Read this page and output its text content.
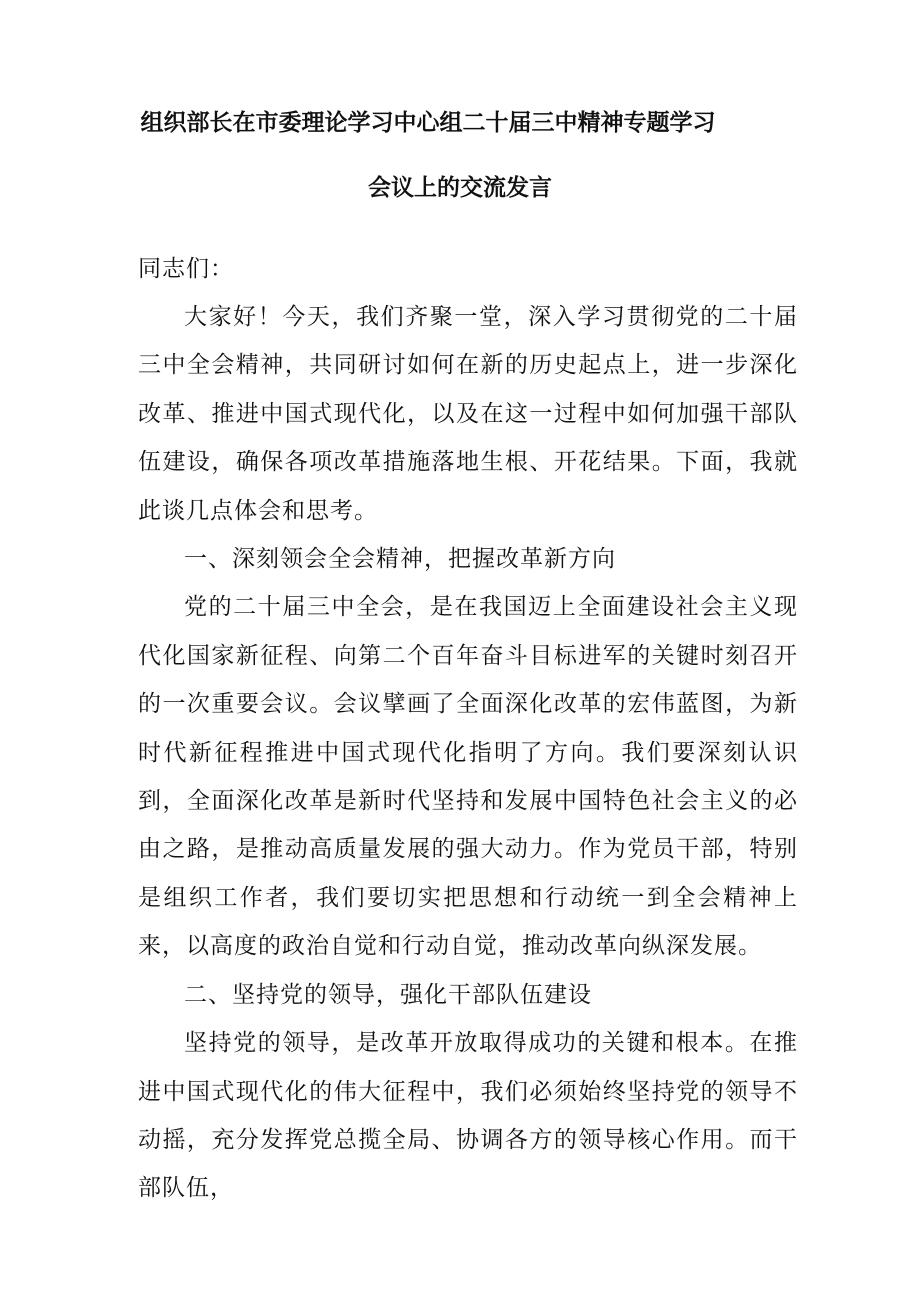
组织部长在市委理论学习中心组二十届三中精神专题学习
会议上的交流发言
同志们：

大家好！今天，我们齐聚一堂，深入学习贯彻党的二十届三中全会精神，共同研讨如何在新的历史起点上，进一步深化改革、推进中国式现代化，以及在这一过程中如何加强干部队伍建设，确保各项改革措施落地生根、开花结果。下面，我就此谈几点体会和思考。

一、深刻领会全会精神，把握改革新方向

党的二十届三中全会，是在我国迈上全面建设社会主义现代化国家新征程、向第二个百年奋斗目标进军的关键时刻召开的一次重要会议。会议擘画了全面深化改革的宏伟蓝图，为新时代新征程推进中国式现代化指明了方向。我们要深刻认识到，全面深化改革是新时代坚持和发展中国特色社会主义的必由之路，是推动高质量发展的强大动力。作为党员干部，特别是组织工作者，我们要切实把思想和行动统一到全会精神上来，以高度的政治自觉和行动自觉，推动改革向纵深发展。

二、坚持党的领导，强化干部队伍建设

坚持党的领导，是改革开放取得成功的关键和根本。在推进中国式现代化的伟大征程中，我们必须始终坚持党的领导不动摇，充分发挥党总揽全局、协调各方的领导核心作用。而干部队伍，
